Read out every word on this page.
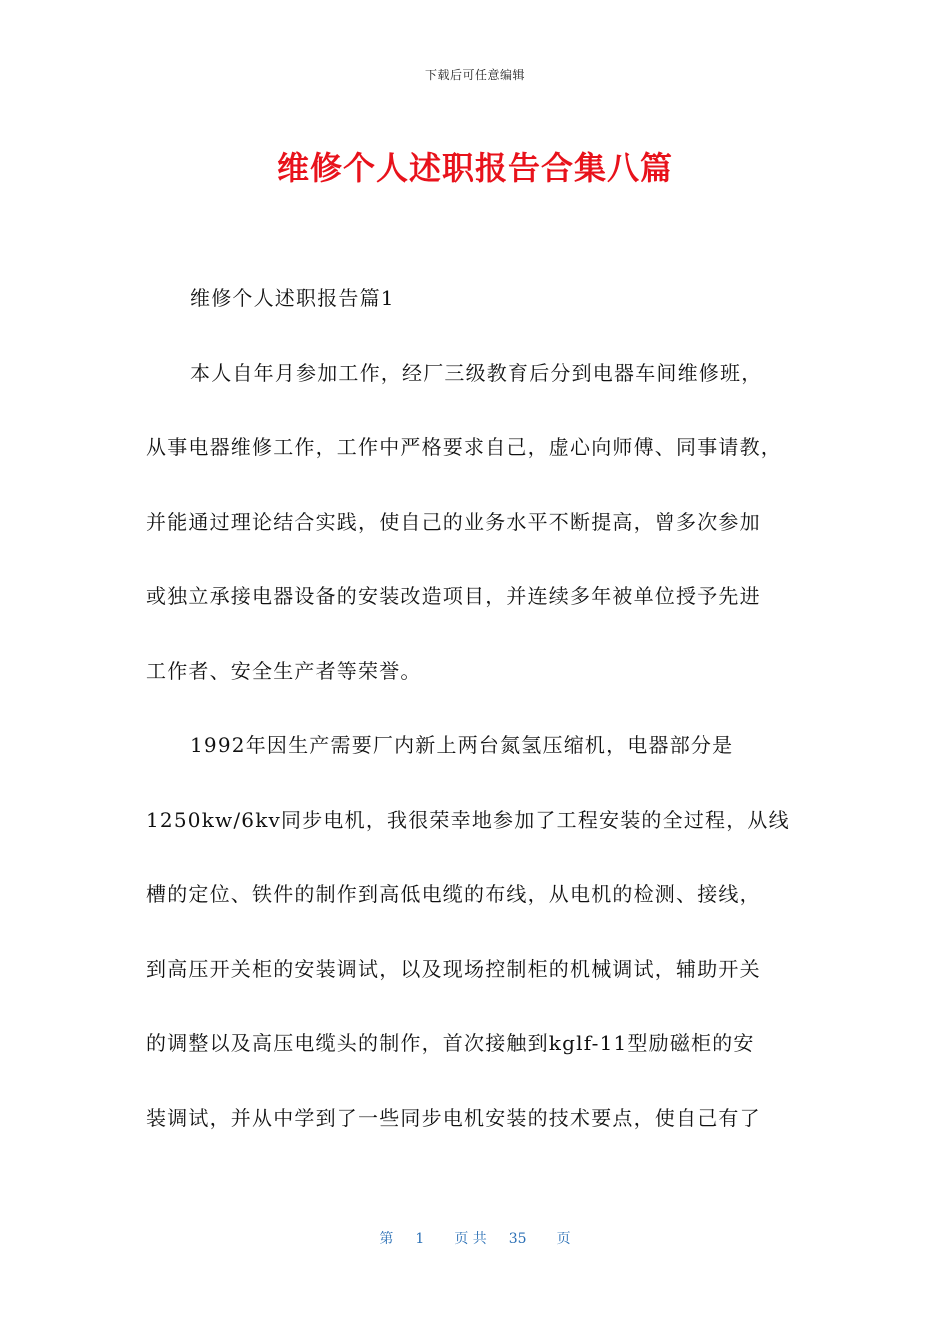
下载后可任意编辑
维修个人述职报告合集八篇
维修个人述职报告篇1
本人自年月参加工作，经厂三级教育后分到电器车间维修班，
从事电器维修工作，工作中严格要求自己，虚心向师傅、同事请教，
并能通过理论结合实践，使自己的业务水平不断提高，曾多次参加
或独立承接电器设备的安装改造项目，并连续多年被单位授予先进
工作者、安全生产者等荣誉。
1992年因生产需要厂内新上两台氮氢压缩机，电器部分是
1250kw/6kv同步电机，我很荣幸地参加了工程安装的全过程，从线
槽的定位、铁件的制作到高低电缆的布线，从电机的检测、接线，
到高压开关柜的安装调试，以及现场控制柜的机械调试，辅助开关
的调整以及高压电缆头的制作，首次接触到kglf-11型励磁柜的安
装调试，并从中学到了一些同步电机安装的技术要点，使自己有了
第 1 页 共 35 页
